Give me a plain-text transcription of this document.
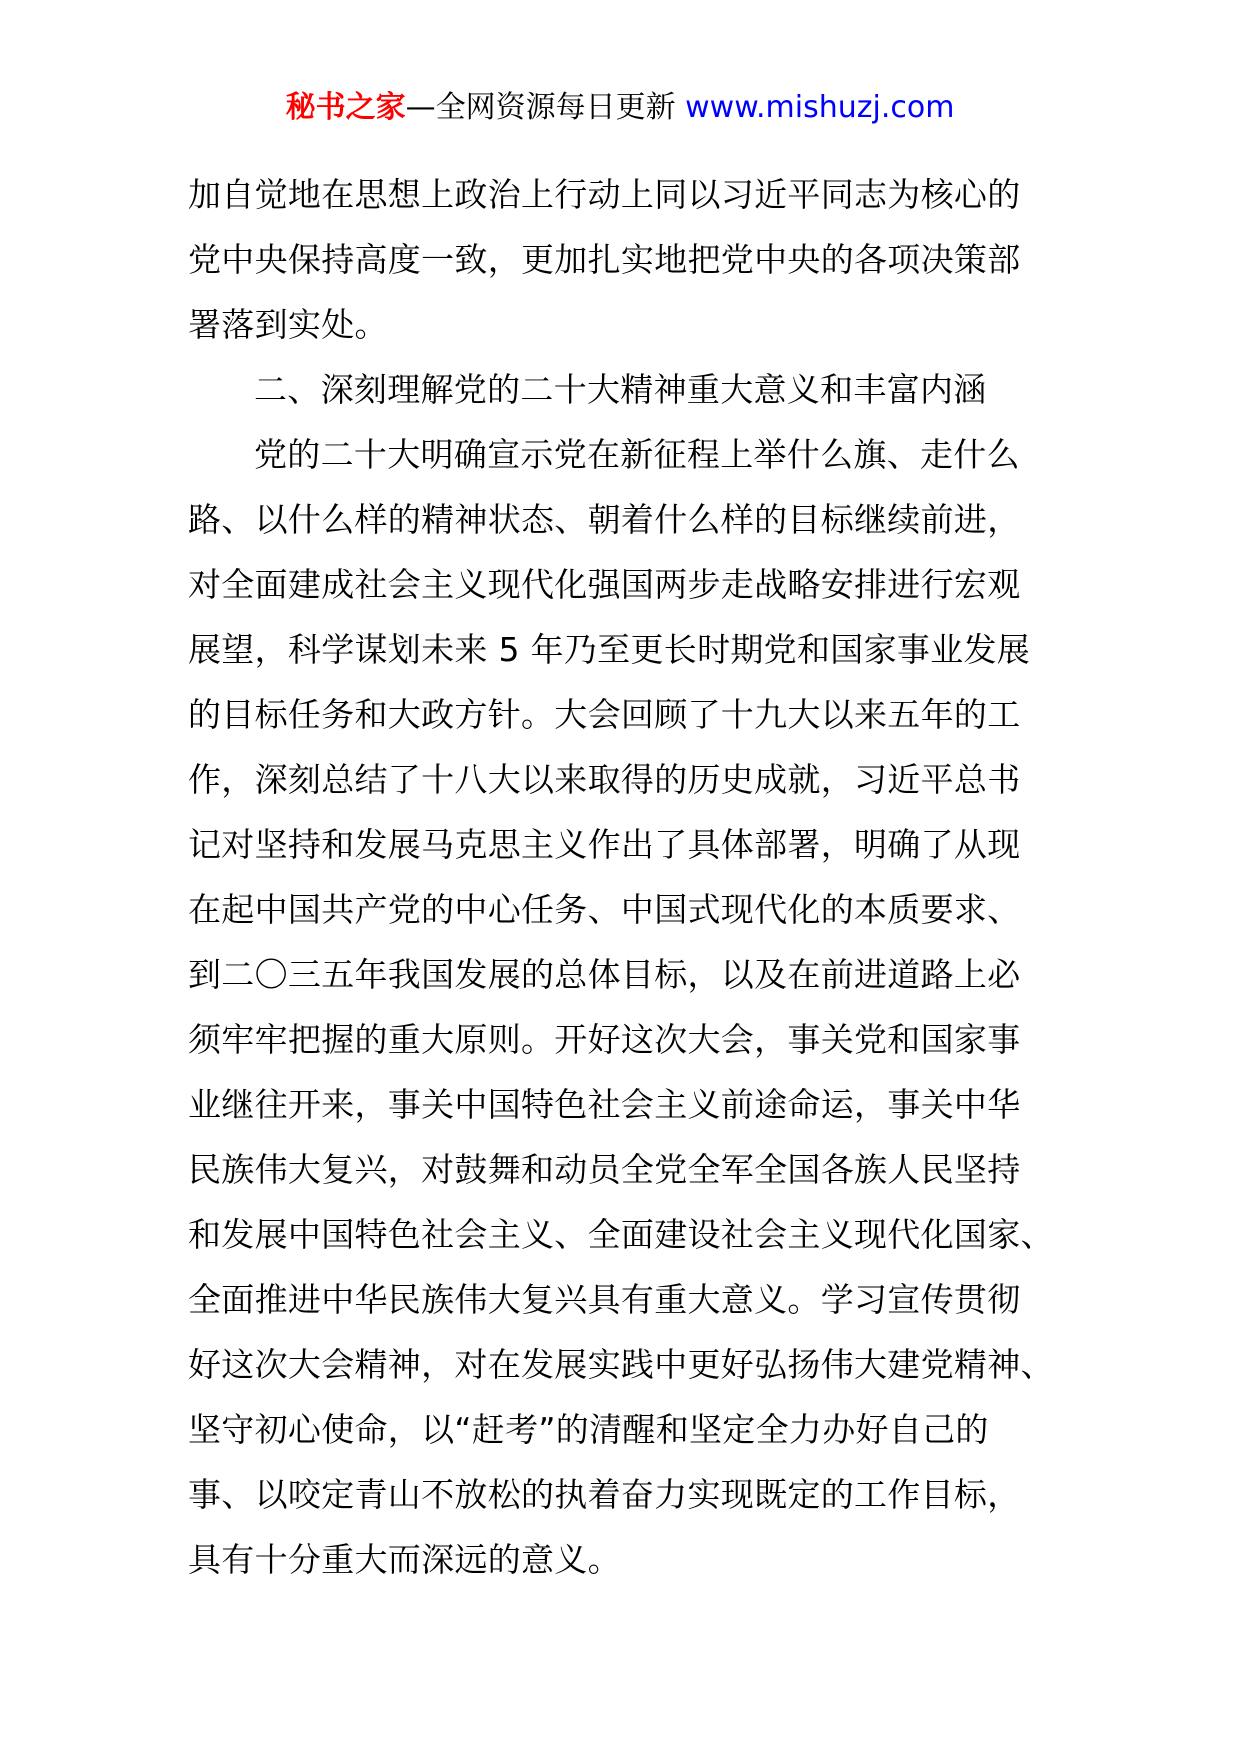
秘书之家—全网资源每日更新 www.mishuzj.com
加自觉地在思想上政治上行动上同以习近平同志为核心的
党中央保持高度一致，更加扎实地把党中央的各项决策部
署落到实处。
二、深刻理解党的二十大精神重大意义和丰富内涵
党的二十大明确宣示党在新征程上举什么旗、走什么
路、以什么样的精神状态、朝着什么样的目标继续前进，
对全面建成社会主义现代化强国两步走战略安排进行宏观
展望，科学谋划未来 5 年乃至更长时期党和国家事业发展
的目标任务和大政方针。大会回顾了十九大以来五年的工
作，深刻总结了十八大以来取得的历史成就，习近平总书
记对坚持和发展马克思主义作出了具体部署，明确了从现
在起中国共产党的中心任务、中国式现代化的本质要求、
到二〇三五年我国发展的总体目标，以及在前进道路上必
须牢牢把握的重大原则。开好这次大会，事关党和国家事
业继往开来，事关中国特色社会主义前途命运，事关中华
民族伟大复兴，对鼓舞和动员全党全军全国各族人民坚持
和发展中国特色社会主义、全面建设社会主义现代化国家、
全面推进中华民族伟大复兴具有重大意义。学习宣传贯彻
好这次大会精神，对在发展实践中更好弘扬伟大建党精神、
坚守初心使命，以“赶考”的清醒和坚定全力办好自己的
事、以咬定青山不放松的执着奋力实现既定的工作目标，
具有十分重大而深远的意义。
